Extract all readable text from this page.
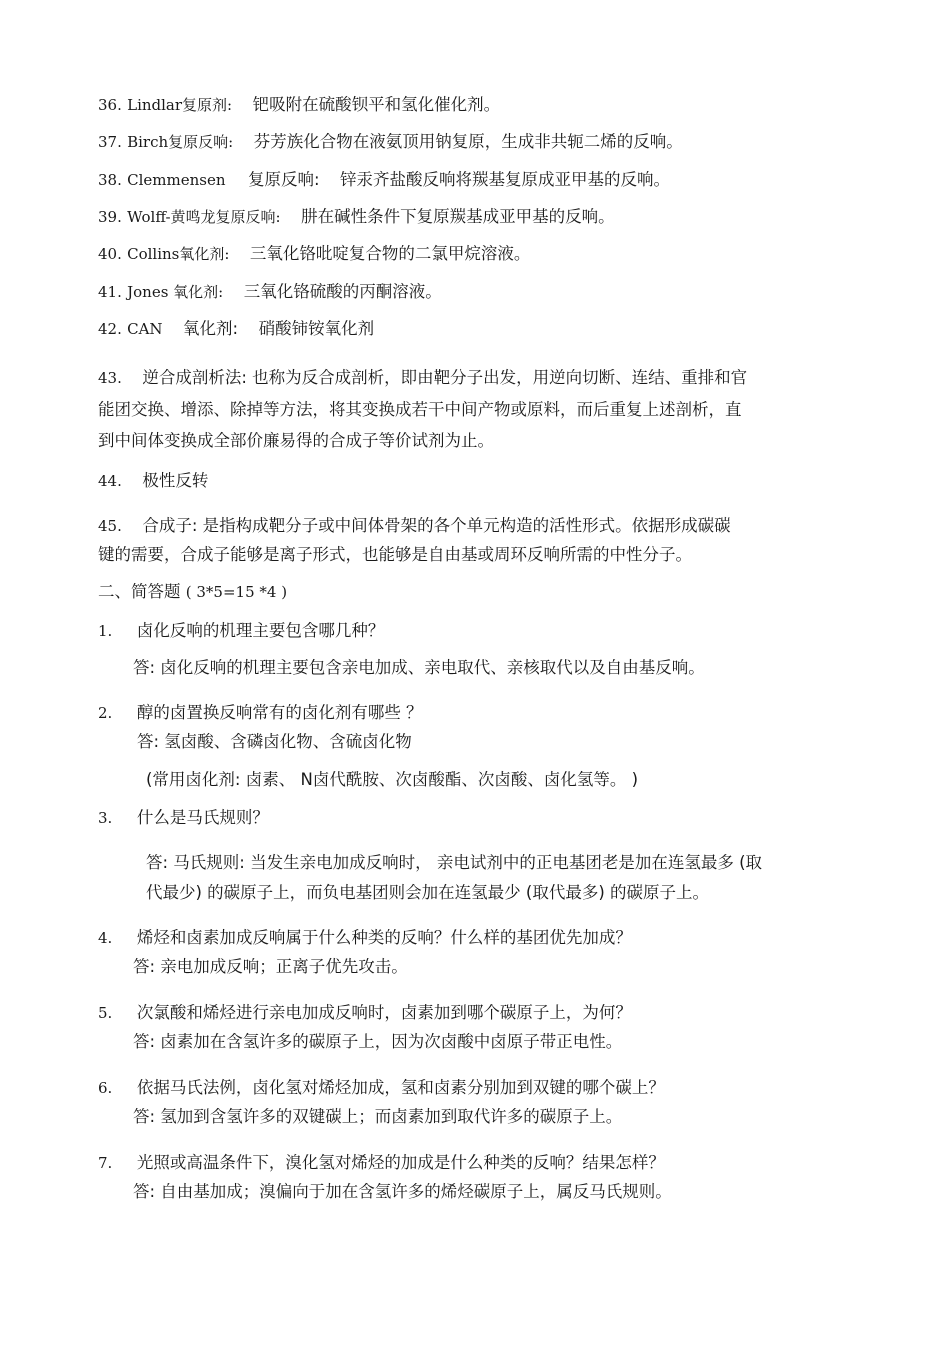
36. Lindlar复原剂: 钯吸附在硫酸钡平和氢化催化剂。
37. Birch复原反响: 芬芳族化合物在液氨顶用钠复原，生成非共轭二烯的反响。
38. Clemmensen 复原反响: 锌汞齐盐酸反响将羰基复原成亚甲基的反响。
39. Wolff-黄鸣龙复原反响: 肼在碱性条件下复原羰基成亚甲基的反响。
40. Collins氧化剂: 三氧化铬吡啶复合物的二氯甲烷溶液。
41. Jones 氧化剂: 三氧化铬硫酸的丙酮溶液。
42. CAN 氧化剂: 硝酸铈铵氧化剂
43. 逆合成剖析法: 也称为反合成剖析，即由靶分子出发，用逆向切断、连结、重排和官
能团交换、增添、除掉等方法，将其变换成若干中间产物或原料，而后重复上述剖析，直
到中间体变换成全部价廉易得的合成子等价试剂为止。
44. 极性反转
45. 合成子: 是指构成靶分子或中间体骨架的各个单元构造的活性形式。依据形成碳碳
键的需要，合成子能够是离子形式，也能够是自由基或周环反响所需的中性分子。
二、简答题 ( 3*5=15 *4 )
1. 卤化反响的机理主要包含哪几种？
答: 卤化反响的机理主要包含亲电加成、亲电取代、亲核取代以及自由基反响。
2. 醇的卤置换反响常有的卤化剂有哪些 ？
答: 氢卤酸、含磷卤化物、含硫卤化物
(常用卤化剂: 卤素、 N卤代酰胺、次卤酸酯、次卤酸、卤化氢等。 )
3. 什么是马氏规则？
答: 马氏规则: 当发生亲电加成反响时， 亲电试剂中的正电基团老是加在连氢最多 (取
代最少) 的碳原子上，而负电基团则会加在连氢最少 (取代最多) 的碳原子上。
4. 烯烃和卤素加成反响属于什么种类的反响？什么样的基团优先加成？
答: 亲电加成反响；正离子优先攻击。
5. 次氯酸和烯烃进行亲电加成反响时，卤素加到哪个碳原子上，为何？
答: 卤素加在含氢许多的碳原子上，因为次卤酸中卤原子带正电性。
6. 依据马氏法例，卤化氢对烯烃加成，氢和卤素分别加到双键的哪个碳上？
答: 氢加到含氢许多的双键碳上；而卤素加到取代许多的碳原子上。
7. 光照或高温条件下，溴化氢对烯烃的加成是什么种类的反响？结果怎样？
答: 自由基加成；溴偏向于加在含氢许多的烯烃碳原子上，属反马氏规则。
